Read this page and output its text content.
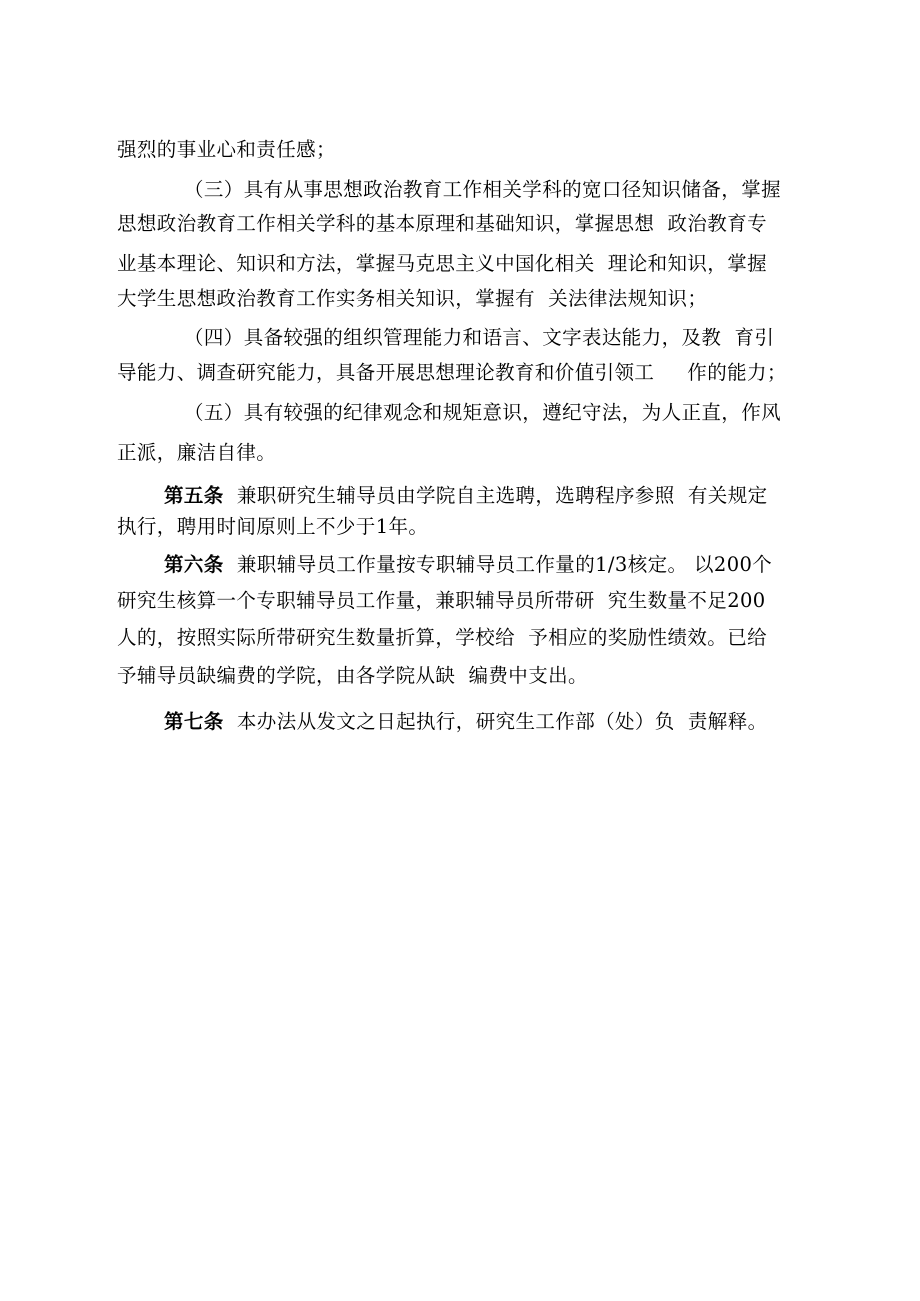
强烈的事业心和责任感；
（三）具有从事思想政治教育工作相关学科的宽口径知识储备，掌握
思想政治教育工作相关学科的基本原理和基础知识，掌握思想  政治教育专
业基本理论、知识和方法，掌握马克思主义中国化相关  理论和知识，掌握
大学生思想政治教育工作实务相关知识，掌握有  关法律法规知识；
（四）具备较强的组织管理能力和语言、文字表达能力，及教  育引
导能力、调查研究能力，具备开展思想理论教育和价值引领工     作的能力；
（五）具有较强的纪律观念和规矩意识，遵纪守法，为人正直，作风
正派，廉洁自律。
第五条 兼职研究生辅导员由学院自主选聘，选聘程序参照  有关规定
执行，聘用时间原则上不少于1年。
第六条 兼职辅导员工作量按专职辅导员工作量的1/3核定。 以200个
研究生核算一个专职辅导员工作量，兼职辅导员所带研  究生数量不足200
人的，按照实际所带研究生数量折算，学校给  予相应的奖励性绩效。已给
予辅导员缺编费的学院，由各学院从缺  编费中支出。
第七条 本办法从发文之日起执行，研究生工作部（处）负  责解释。
